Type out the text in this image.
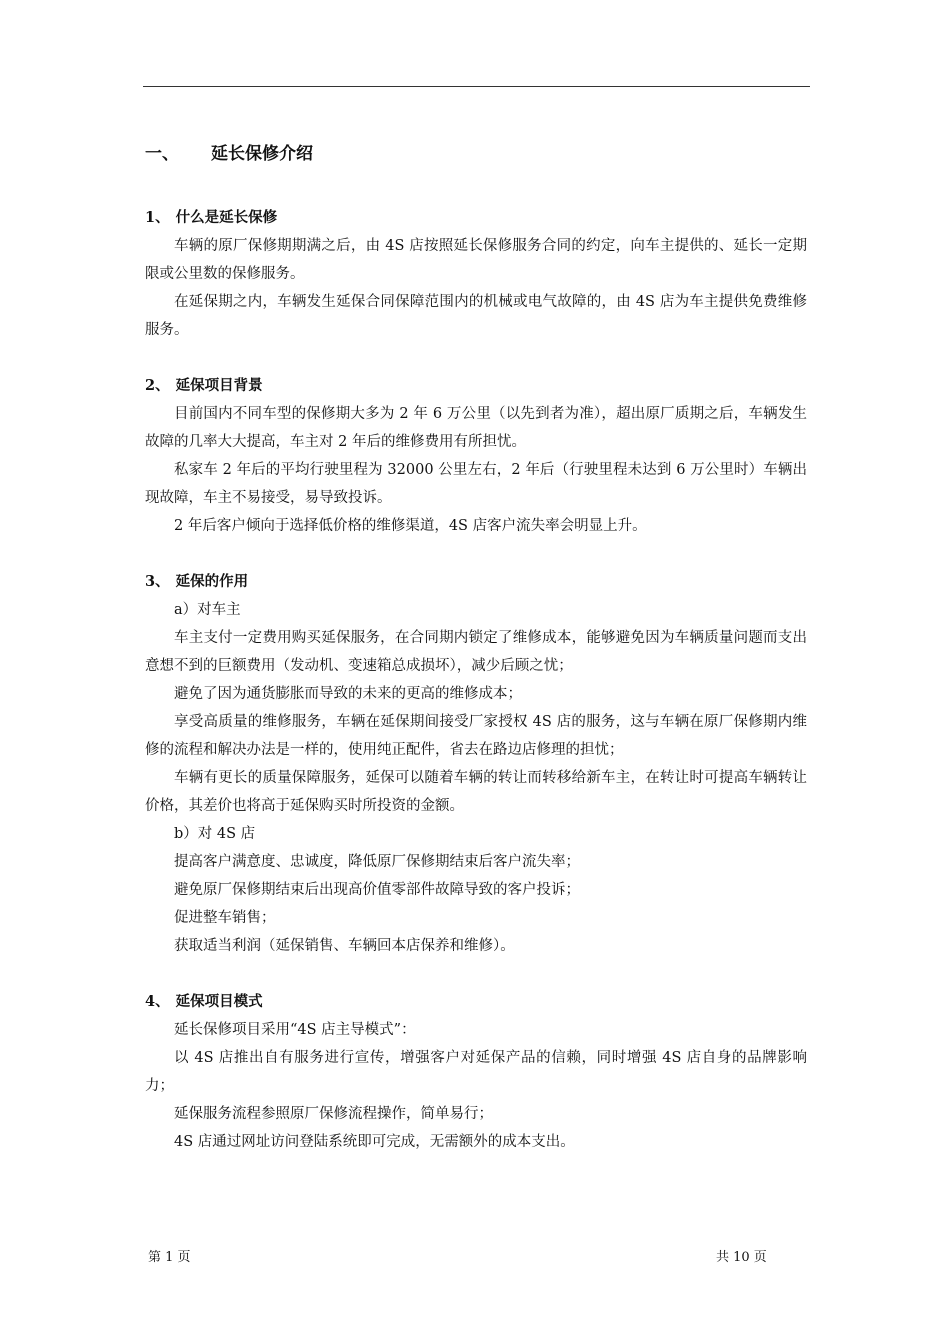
一、 延长保修介绍
1、 什么是延长保修
车辆的原厂保修期期满之后，由 4S 店按照延长保修服务合同的约定，向车主提供的、延长一定期限或公里数的保修服务。
在延保期之内，车辆发生延保合同保障范围内的机械或电气故障的，由 4S 店为车主提供免费维修服务。
2、 延保项目背景
目前国内不同车型的保修期大多为 2 年 6 万公里（以先到者为准），超出原厂质期之后，车辆发生故障的几率大大提高，车主对 2 年后的维修费用有所担忧。
私家车 2 年后的平均行驶里程为 32000 公里左右，2 年后（行驶里程未达到 6 万公里时）车辆出现故障，车主不易接受，易导致投诉。
2 年后客户倾向于选择低价格的维修渠道，4S 店客户流失率会明显上升。
3、 延保的作用
a）对车主
车主支付一定费用购买延保服务，在合同期内锁定了维修成本，能够避免因为车辆质量问题而支出意想不到的巨额费用（发动机、变速箱总成损坏），减少后顾之忧；
避免了因为通货膨胀而导致的未来的更高的维修成本；
享受高质量的维修服务，车辆在延保期间接受厂家授权 4S 店的服务，这与车辆在原厂保修期内维修的流程和解决办法是一样的，使用纯正配件，省去在路边店修理的担忧；
车辆有更长的质量保障服务，延保可以随着车辆的转让而转移给新车主，在转让时可提高车辆转让价格，其差价也将高于延保购买时所投资的金额。
b）对 4S 店
提高客户满意度、忠诚度，降低原厂保修期结束后客户流失率；
避免原厂保修期结束后出现高价值零部件故障导致的客户投诉；
促进整车销售；
获取适当利润（延保销售、车辆回本店保养和维修）。
4、 延保项目模式
延长保修项目采用“4S 店主导模式”：
以 4S 店推出自有服务进行宣传，增强客户对延保产品的信赖，同时增强 4S 店自身的品牌影响力；
延保服务流程参照原厂保修流程操作，简单易行；
4S 店通过网址访问登陆系统即可完成，无需额外的成本支出。
第 1 页	共 10 页
